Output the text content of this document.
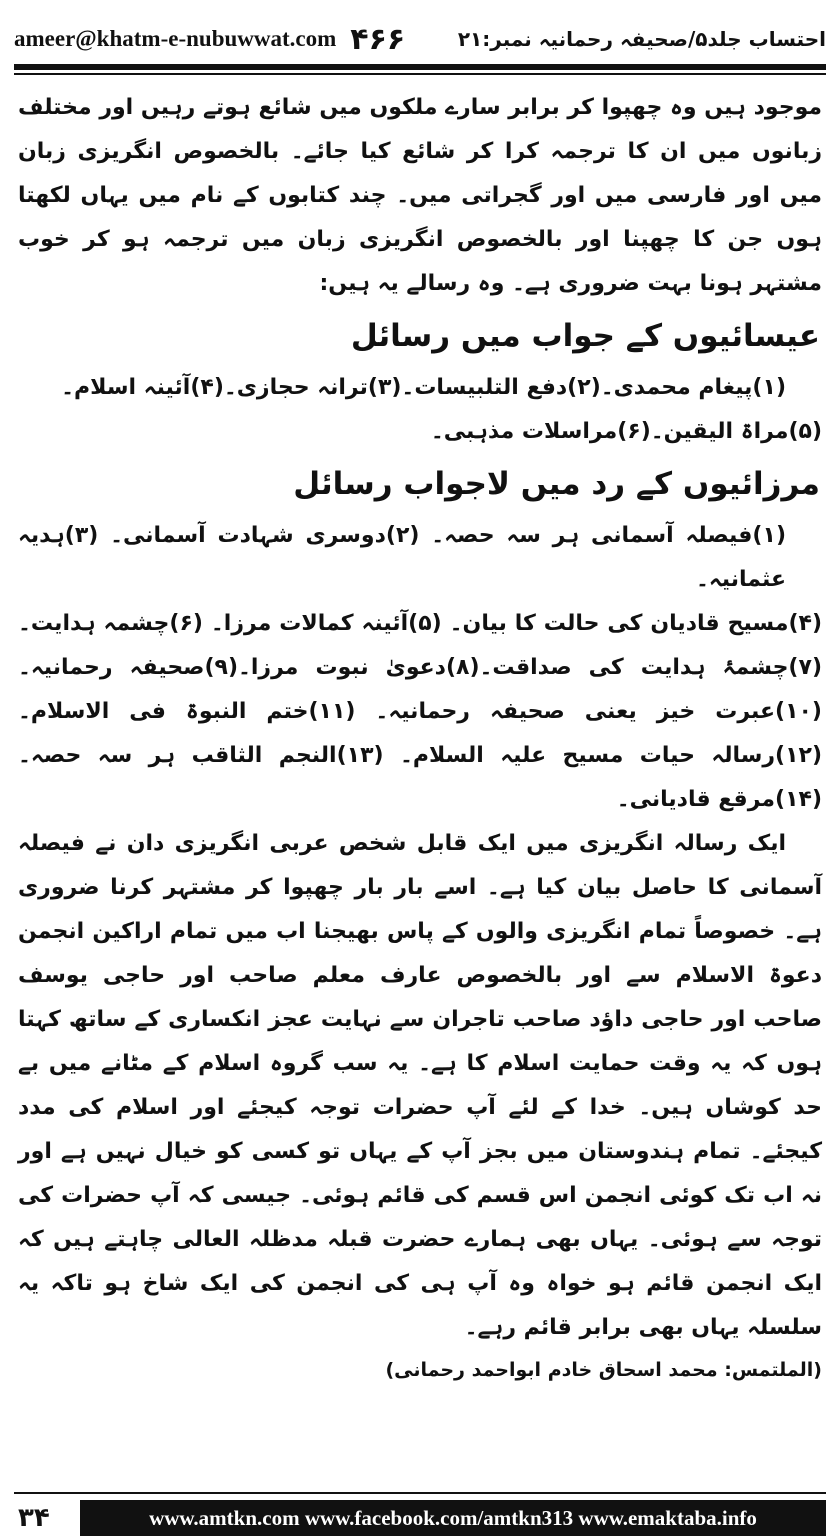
ameer@khatm-e-nubuwwat.com ۴۶۶	احتساب جلد۵/صحیفہ رحمانیہ نمبر:۲۱

موجود ہیں وہ چھپوا کر برابر سارے ملکوں میں شائع ہوتے رہیں اور مختلف زبانوں میں ان کا ترجمہ کرا کر شائع کیا جائے۔ بالخصوص انگریزی زبان میں اور فارسی میں اور گجراتی میں۔ چند کتابوں کے نام میں یہاں لکھتا ہوں جن کا چھپنا اور بالخصوص انگریزی زبان میں ترجمہ ہو کر خوب مشتہر ہونا بہت ضروری ہے۔ وہ رسالے یہ ہیں:

عیسائیوں کے جواب میں رسائل

(۱)پیغام محمدی۔(۲)دفع التلبیسات۔(۳)ترانہ حجازی۔(۴)آئینہ اسلام۔
(۵)مراۃ الیقین۔(۶)مراسلات مذہبی۔

مرزائیوں کے رد میں لاجواب رسائل

(۱)فیصلہ آسمانی ہر سہ حصہ۔ (۲)دوسری شہادت آسمانی۔ (۳)ہدیہ عثمانیہ۔
(۴)مسیح قادیان کی حالت کا بیان۔ (۵)آئینہ کمالات مرزا۔ (۶)چشمہ ہدایت۔ (۷)چشمۂ ہدایت کی صداقت۔(۸)دعویٰ نبوت مرزا۔(۹)صحیفہ رحمانیہ۔(۱۰)عبرت خیز یعنی صحیفہ رحمانیہ۔ (۱۱)ختم النبوۃ فی الاسلام۔ (۱۲)رسالہ حیات مسیح علیہ السلام۔ (۱۳)النجم الثاقب ہر سہ حصہ۔(۱۴)مرقع قادیانی۔

ایک رسالہ انگریزی میں ایک قابل شخص عربی انگریزی دان نے فیصلہ آسمانی کا حاصل بیان کیا ہے۔ اسے بار بار چھپوا کر مشتہر کرنا ضروری ہے۔ خصوصاً تمام انگریزی والوں کے پاس بھیجنا اب میں تمام اراکین انجمن دعوۃ الاسلام سے اور بالخصوص عارف معلم صاحب اور حاجی یوسف صاحب اور حاجی داؤد صاحب تاجران سے نہایت عجز انکساری کے ساتھ کہتا ہوں کہ یہ وقت حمایت اسلام کا ہے۔ یہ سب گروہ اسلام کے مٹانے میں بے حد کوشاں ہیں۔ خدا کے لئے آپ حضرات توجہ کیجئے اور اسلام کی مدد کیجئے۔ تمام ہندوستان میں بجز آپ کے یہاں تو کسی کو خیال نہیں ہے اور نہ اب تک کوئی انجمن اس قسم کی قائم ہوئی۔ جیسی کہ آپ حضرات کی توجہ سے ہوئی۔ یہاں بھی ہمارے حضرت قبلہ مدظلہ العالی چاہتے ہیں کہ ایک انجمن قائم ہو خواہ وہ آپ ہی کی انجمن کی ایک شاخ ہو تاکہ یہ سلسلہ یہاں بھی برابر قائم رہے۔

(الملتمس: محمد اسحاق خادم ابواحمد رحمانی)

۳۴	www.amtkn.com www.facebook.com/amtkn313 www.emaktaba.info
